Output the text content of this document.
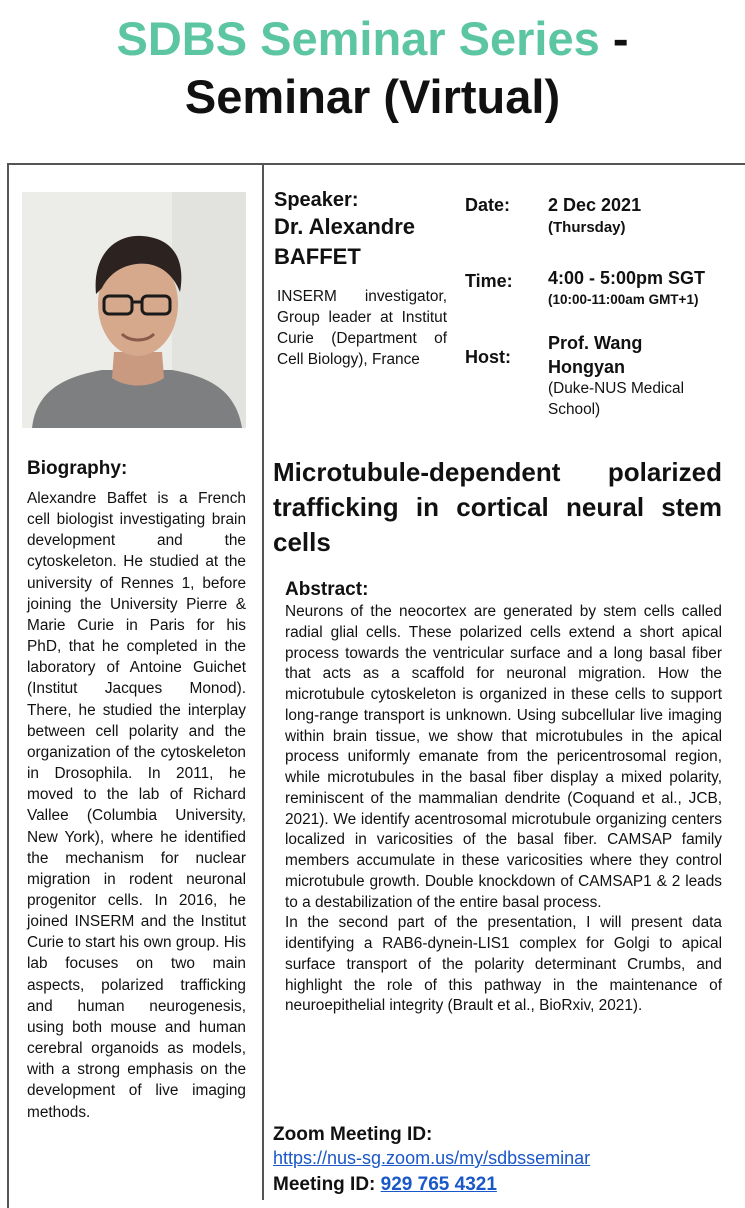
SDBS Seminar Series -
Seminar (Virtual)
Biography:
Alexandre Baffet is a French cell biologist investigating brain development and the cytoskeleton. He studied at the university of Rennes 1, before joining the University Pierre & Marie Curie in Paris for his PhD, that he completed in the laboratory of Antoine Guichet (Institut Jacques Monod). There, he studied the interplay between cell polarity and the organization of the cytoskeleton in Drosophila. In 2011, he moved to the lab of Richard Vallee (Columbia University, New York), where he identified the mechanism for nuclear migration in rodent neuronal progenitor cells. In 2016, he joined INSERM and the Institut Curie to start his own group. His lab focuses on two main aspects, polarized trafficking and human neurogenesis, using both mouse and human cerebral organoids as models, with a strong emphasis on the development of live imaging methods.
Speaker:
Dr. Alexandre BAFFET
INSERM investigator, Group leader at Institut Curie (Department of Cell Biology), France
Date: 2 Dec 2021
(Thursday)
Time: 4:00 - 5:00pm SGT
(10:00-11:00am GMT+1)
Host:
Prof. Wang Hongyan
(Duke-NUS Medical School)
Microtubule-dependent polarized trafficking in cortical neural stem cells
Abstract:

Neurons of the neocortex are generated by stem cells called radial glial cells. These polarized cells extend a short apical process towards the ventricular surface and a long basal fiber that acts as a scaffold for neuronal migration. How the microtubule cytoskeleton is organized in these cells to support long-range transport is unknown. Using subcellular live imaging within brain tissue, we show that microtubules in the apical process uniformly emanate from the pericentrosomal region, while microtubules in the basal fiber display a mixed polarity, reminiscent of the mammalian dendrite (Coquand et al., JCB, 2021). We identify acentrosomal microtubule organizing centers localized in varicosities of the basal fiber. CAMSAP family members accumulate in these varicosities where they control microtubule growth. Double knockdown of CAMSAP1 & 2 leads to a destabilization of the entire basal process.

In the second part of the presentation, I will present data identifying a RAB6-dynein-LIS1 complex for Golgi to apical surface transport of the polarity determinant Crumbs, and highlight the role of this pathway in the maintenance of neuroepithelial integrity (Brault et al., BioRxiv, 2021).

Zoom Meeting ID:
https://nus-sg.zoom.us/my/sdbsseminar
Meeting ID: 929 765 4321
